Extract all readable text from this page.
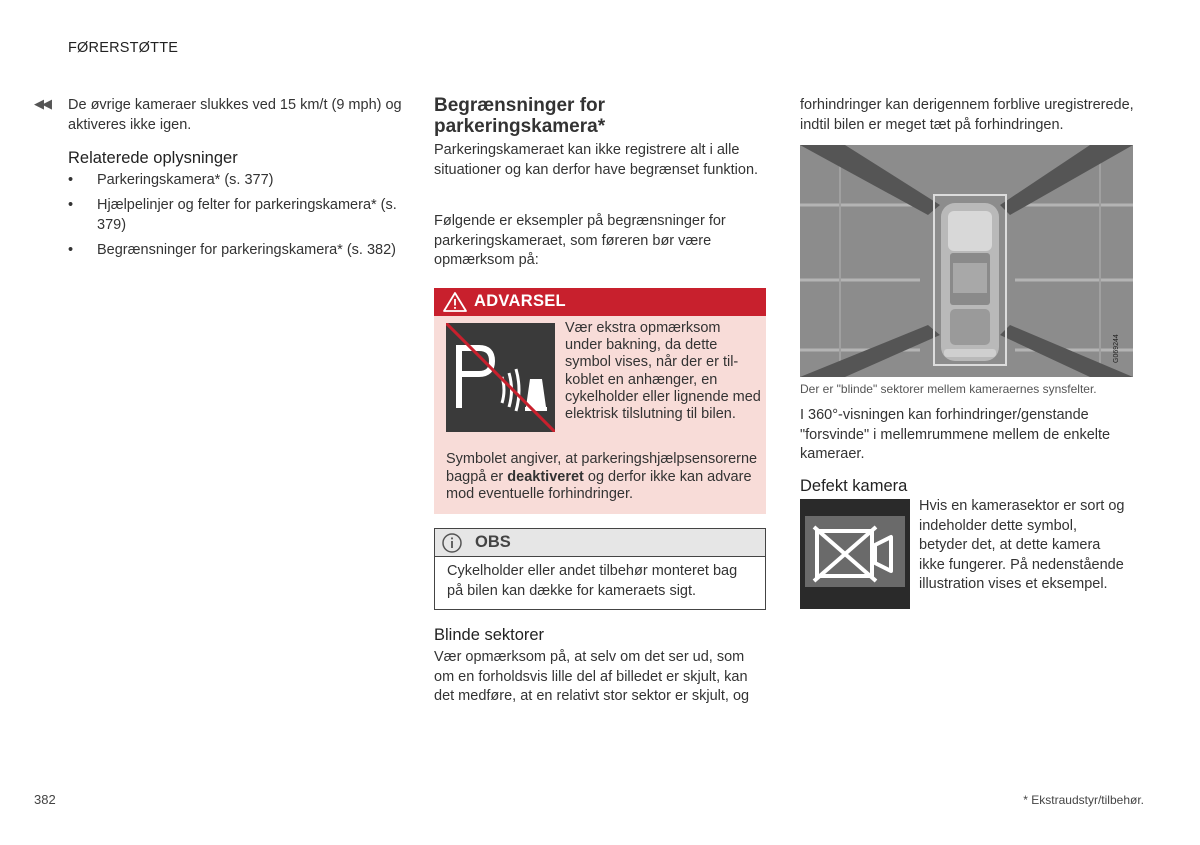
FØRERSTØTTE
◀◀ De øvrige kameraer slukkes ved 15 km/t (9 mph) og aktiveres ikke igen.
Relaterede oplysninger
• Parkeringskamera* (s. 377)
• Hjælpelinjer og felter for parkeringskamera* (s. 379)
• Begrænsninger for parkeringskamera* (s. 382)
Begrænsninger for
parkeringskamera*
Parkeringskameraet kan ikke registrere alt i alle situationer og kan derfor have begrænset funktion.
Følgende er eksempler på begrænsninger for parkeringskameraet, som føreren bør være opmærksom på:
ADVARSEL
Vær ekstra opmærksom under bakning, da dette symbol vises, når der er tilkoblet en anhænger, en cykelholder eller lignende med elektrisk tilslutning til bilen.
Symbolet angiver, at parkeringshjælpsensorerne bagpå er deaktiveret og derfor ikke kan advare mod eventuelle forhindringer.
OBS
Cykelholder eller andet tilbehør monteret bag på bilen kan dække for kameraets sigt.
Blinde sektorer
Vær opmærksom på, at selv om det ser ud, som om en forholdsvis lille del af billedet er skjult, kan det medføre, at en relativt stor sektor er skjult, og
forhindringer kan derigennem forblive uregistrerede, indtil bilen er meget tæt på forhindringen.
G069244
Der er "blinde" sektorer mellem kameraernes synsfelter.
I 360°-visningen kan forhindringer/genstande "forsvinde" i mellemrummene mellem de enkelte kameraer.
Defekt kamera
Hvis en kamerasektor er sort og indeholder dette symbol, betyder det, at dette kamera ikke fungerer. På nedenstående illustration vises et eksempel.
382	* Ekstraudstyr/tilbehør.
